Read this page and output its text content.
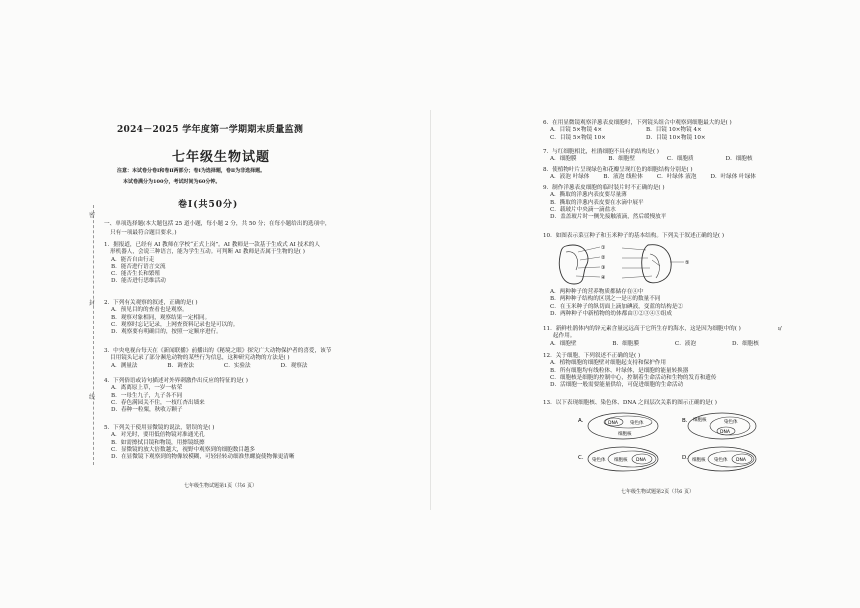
密
封
线
2024－2025 学年度第一学期期末质量监测
七年级生物试题
注意：本试卷分卷Ⅰ和卷Ⅱ两部分；卷Ⅰ为选择题，卷Ⅱ为非选择题。
本试卷满分为100分，考试时间为60分钟。
卷Ⅰ(共50分)
一、单项选择题(本大题包括 25 道小题，每小题 2 分，共 50 分；在每小题给出的选项中，
只有一项最符合题目要求。)
1．据报道，已经有 AI 教师在学校“正式上岗”。AI 教师是一款基于生成式 AI 技术的人
形机器人，会说三种语言，能为学生互动。可判断 AI 教师是否属于生物的是( )
A．能否自由行走
B．能否进行语言交流
C．能否生长和繁殖
D．能否进行思维活动
2．下列有关观察的叙述，正确的是( )
A．预见目的的查看也是观察。
B．观察对象相同，观察结果一定相同。
C．观察时忘记记录，上网查资料记录也是可以的。
D．观察要有明确目的，按照一定顺序进行。
3．中央电视台每天在《新闻联播》前播出的《秘境之眼》探究广大动物保护者的喜爱，该节
目用镜头记录了部分濒危动物的某些行为信息，这种研究动物的方法是( )
A．测量法	B．调查法	C．实验法	D．观察法
4．下列俗语或诗句描述对外界刺激作出反应的特征的是( )
A．离离原上草，一岁一枯荣
B．一母生九子，九子各不同
C．春色满园关不住，一枝红杏出墙来
D．春种一粒粟，秋收万颗子
5．下列关于使用显微镜的说法，错误的是( )
A．对光时，要用低倍物镜对准通光孔
B．如需擦拭目镜和物镜，用擦镜纸擦
C．显微镜的放大倍数越大，视野中观察到的细胞数目越多
D．在显微镜下观察到的物像较模糊，可轻轻转动细准焦螺旋使物像更清晰
七年级生物试题第1页（共6 页）
6．在用显微镜观察洋葱表皮细胞时，下列镜头组合中观察到细胞最大的是( )
A．目镜 5×物镜 4×	B．目镜 10×物镜 4×
C．目镜 5×物镜 10×	D．目镜 10×物镜 10×
7．与红细胞相比，杜鹃细胞不具有的结构是( )
A．细胞膜	B．细胞壁	C．细胞质	D．细胞核
8．使植物叶片呈现绿色和花瓣呈现红色的细胞结构分别是( )
A．液泡 叶绿体	B．液泡 线粒体	C．叶绿体 液泡	D．叶绿体 叶绿体
9．制作洋葱表皮细胞的临时装片时不正确的是( )
A．撕取的洋葱内表皮要尽量薄
B．撕取的洋葱内表皮要在水滴中展平
C．载玻片中央滴一滴盐水
D．盖盖玻片时一侧先接触液滴，然后缓慢放平
10．如图表示菜豆种子和玉米种子的基本结构。下列关于叙述正确的是( )
①
②
③
④
⑤
A．两种种子的营养物质都储存在④中
B．两种种子结构的区别之一是④的数量不同
C．在玉米种子的纵切面上滴加碘液，变蓝的结构是②
D．两种种子中新植物的幼体都由①②③④⑤组成
11．新鲜杜鹃体内的锌元素含量远远高于它所生存的海水，这是因为细胞中的( )
起作用。
A．细胞壁	B．细胞膜	C．液泡	D．细胞核
ı/
12．关于细胞，下列叙述不正确的是( )
A．植物细胞的细胞壁对细胞起支持和保护作用
B．所有细胞均有线粒体、叶绿体，是细胞的能量转换器
C．细胞核是细胞的控制中心，控制着生命活动和生物的发育和遗传
D．活细胞一般需要能量供给，可促进细胞的生命活动
13．以下表现细胞核、染色体、DNA 之间层次关系的图示正确的是( )
A．	DNA	染色体
细胞核
B． 细胞核	染色体
DNA
C． 染色体 细胞核 DNA	D． 细胞核 染色体 DNA
七年级生物试题第2页（共6 页）
